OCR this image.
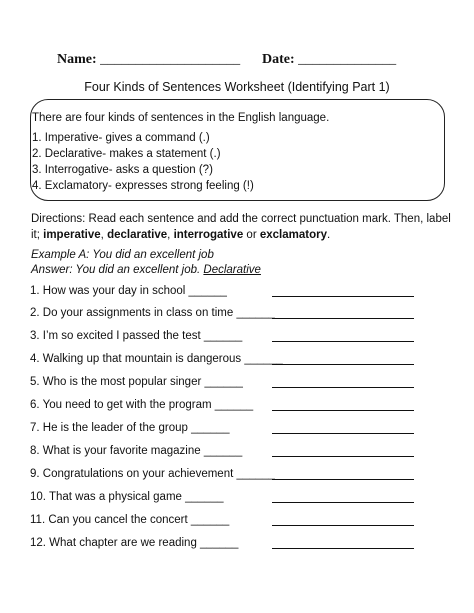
Name: ____________________ Date: ______________
Four Kinds of Sentences Worksheet (Identifying Part 1)
There are four kinds of sentences in the English language.
1. Imperative- gives a command (.)
2. Declarative- makes a statement (.)
3. Interrogative- asks a question (?)
4. Exclamatory- expresses strong feeling (!)
Directions: Read each sentence and add the correct punctuation mark. Then, label it; imperative, declarative, interrogative or exclamatory.
Example A: You did an excellent job
Answer: You did an excellent job. Declarative
1. How was your day in school ______
2. Do your assignments in class on time ______
3. I’m so excited I passed the test ______
4. Walking up that mountain is dangerous ______
5. Who is the most popular singer ______
6. You need to get with the program ______
7. He is the leader of the group ______
8. What is your favorite magazine ______
9. Congratulations on your achievement ______
10. That was a physical game ______
11. Can you cancel the concert ______
12. What chapter are we reading ______
